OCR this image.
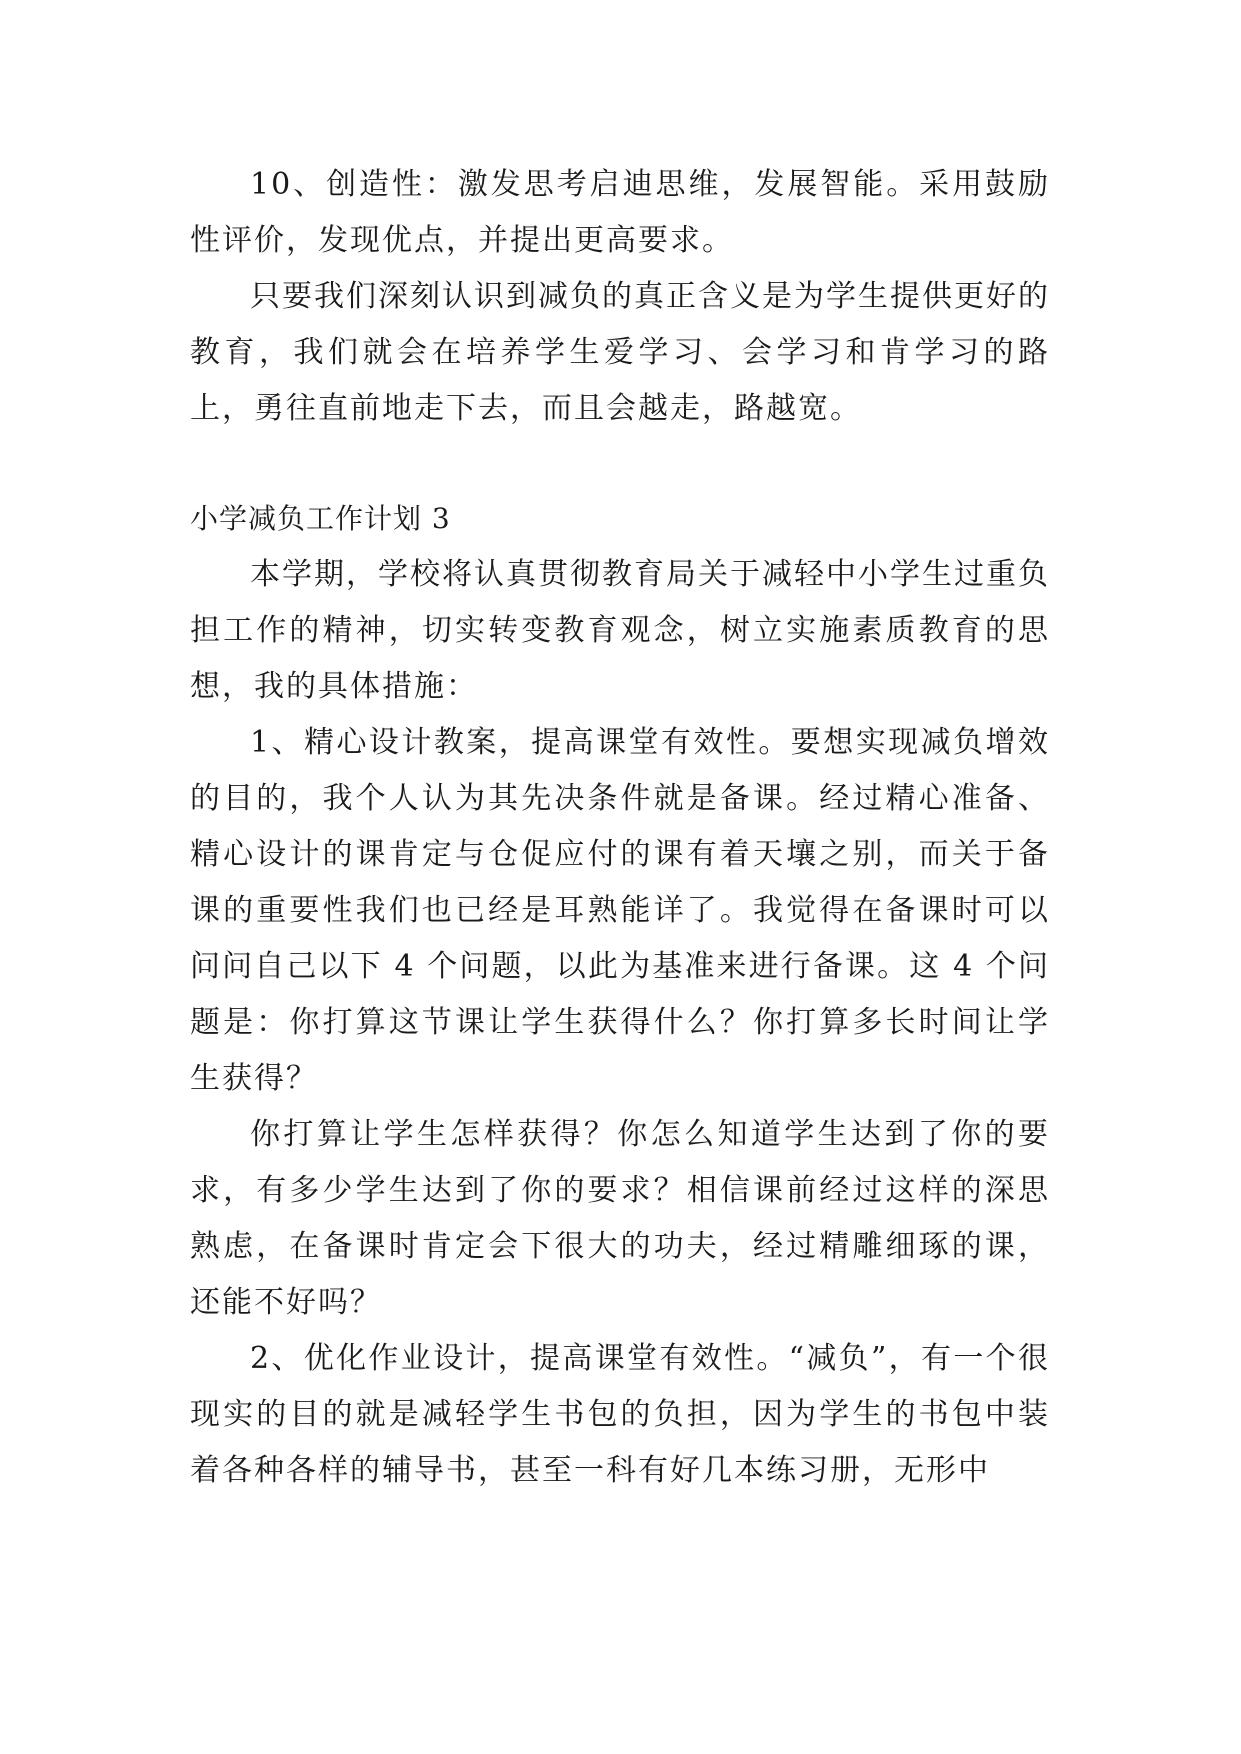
10、创造性：激发思考启迪思维，发展智能。采用鼓励性评价，发现优点，并提出更高要求。

只要我们深刻认识到减负的真正含义是为学生提供更好的教育，我们就会在培养学生爱学习、会学习和肯学习的路上，勇往直前地走下去，而且会越走，路越宽。

小学减负工作计划 3

本学期，学校将认真贯彻教育局关于减轻中小学生过重负担工作的精神，切实转变教育观念，树立实施素质教育的思想，我的具体措施：

1、精心设计教案，提高课堂有效性。要想实现减负增效的目的，我个人认为其先决条件就是备课。经过精心准备、精心设计的课肯定与仓促应付的课有着天壤之别，而关于备课的重要性我们也已经是耳熟能详了。我觉得在备课时可以问问自己以下 4 个问题，以此为基准来进行备课。这 4 个问题是：你打算这节课让学生获得什么？你打算多长时间让学生获得？

你打算让学生怎样获得？你怎么知道学生达到了你的要求，有多少学生达到了你的要求？相信课前经过这样的深思熟虑，在备课时肯定会下很大的功夫，经过精雕细琢的课，还能不好吗？

2、优化作业设计，提高课堂有效性。“减负”，有一个很现实的目的就是减轻学生书包的负担，因为学生的书包中装着各种各样的辅导书，甚至一科有好几本练习册，无形中
